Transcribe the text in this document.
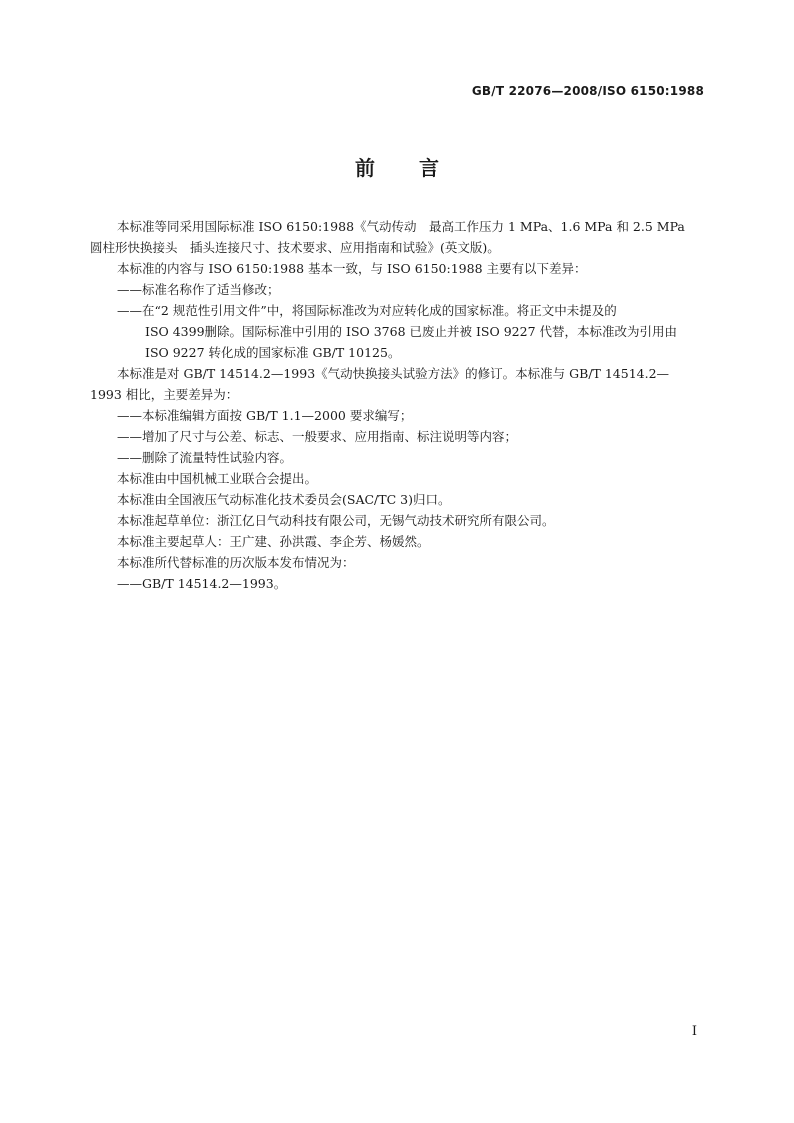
GB/T 22076—2008/ISO 6150:1988
前 言

本标准等同采用国际标准 ISO 6150:1988《气动传动　最高工作压力 1 MPa、1.6 MPa 和 2.5 MPa

圆柱形快换接头　插头连接尺寸、技术要求、应用指南和试验》(英文版)。

本标准的内容与 ISO 6150:1988 基本一致，与 ISO 6150:1988 主要有以下差异：

——标准名称作了适当修改；

——在“2 规范性引用文件”中，将国际标准改为对应转化成的国家标准。将正文中未提及的

ISO 4399删除。国际标准中引用的 ISO 3768 已废止并被 ISO 9227 代替，本标准改为引用由

ISO 9227 转化成的国家标准 GB/T 10125。

本标准是对 GB/T 14514.2—1993《气动快换接头试验方法》的修订。本标准与 GB/T 14514.2—

1993 相比，主要差异为：

——本标准编辑方面按 GB/T 1.1—2000 要求编写；

——增加了尺寸与公差、标志、一般要求、应用指南、标注说明等内容；

——删除了流量特性试验内容。

本标准由中国机械工业联合会提出。

本标准由全国液压气动标准化技术委员会(SAC/TC 3)归口。

本标准起草单位：浙江亿日气动科技有限公司，无锡气动技术研究所有限公司。

本标准主要起草人：王广建、孙洪霞、李企芳、杨媛然。

本标准所代替标准的历次版本发布情况为：

——GB/T 14514.2—1993。

I
